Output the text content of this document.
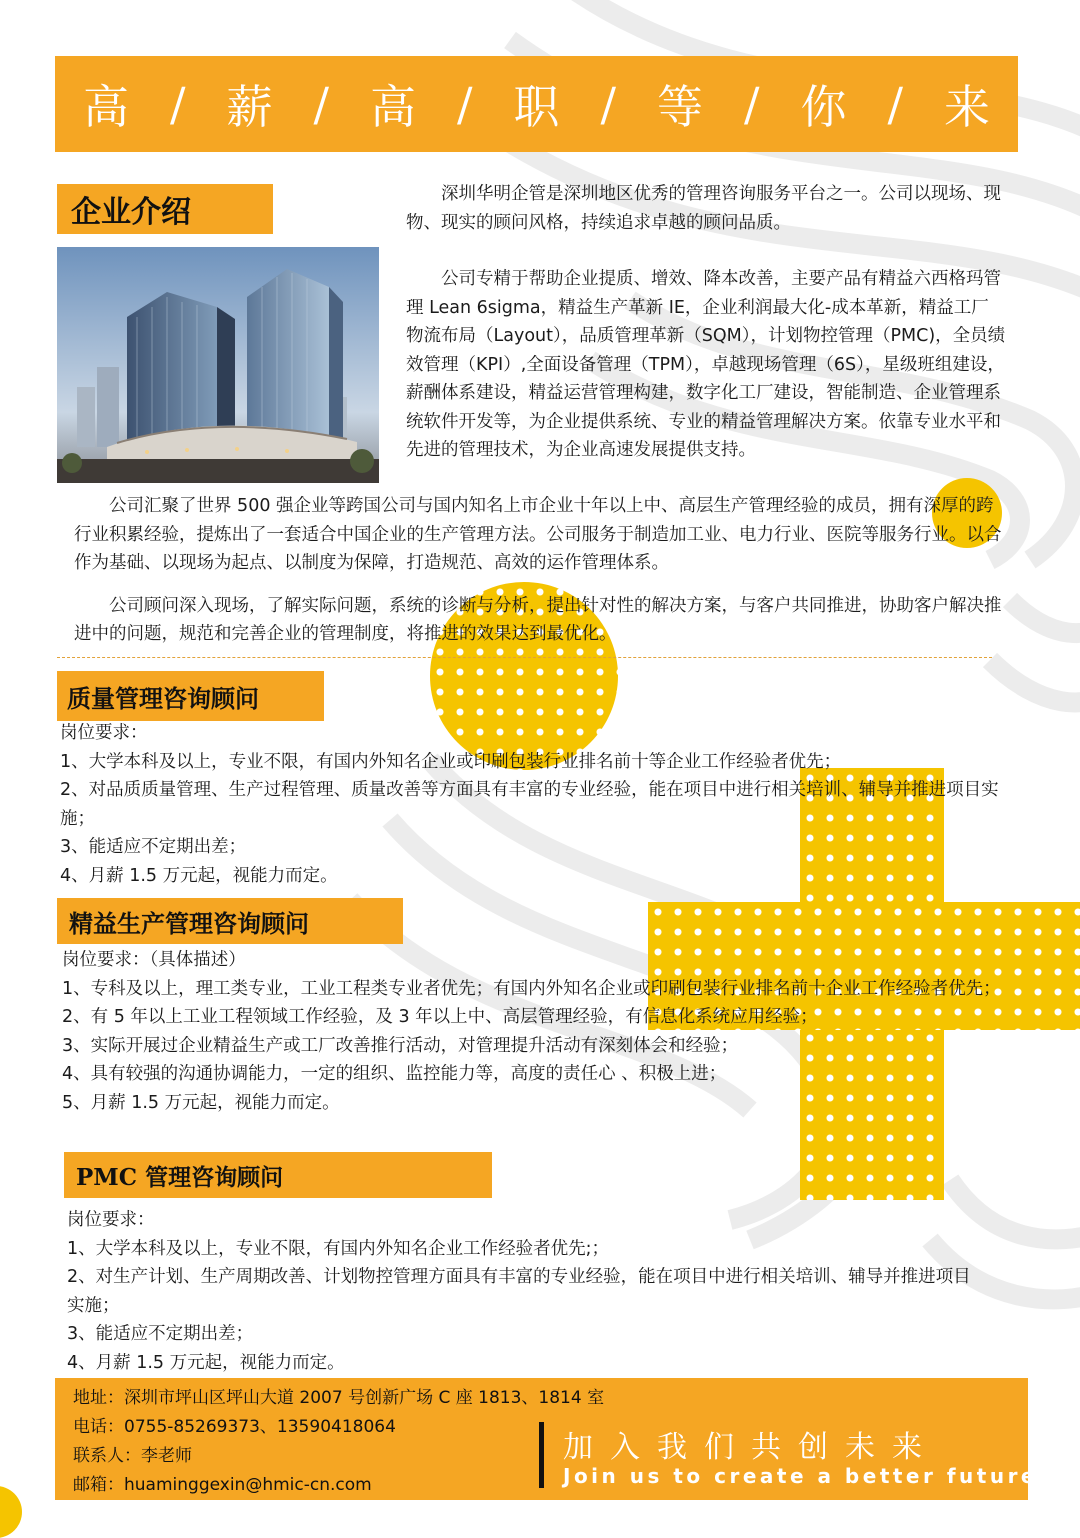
高 / 薪 / 高 / 职 / 等 / 你 / 来
企业介绍

深圳华明企管是深圳地区优秀的管理咨询服务平台之一。公司以现场、现物、现实的顾问风格，持续追求卓越的顾问品质。

公司专精于帮助企业提质、增效、降本改善，主要产品有精益六西格玛管理 Lean 6sigma，精益生产革新 IE，企业利润最大化-成本革新，精益工厂物流布局（Layout），品质管理革新（SQM），计划物控管理（PMC)，全员绩效管理（KPI）,全面设备管理（TPM），卓越现场管理（6S），星级班组建设，薪酬体系建设，精益运营管理构建，数字化工厂建设，智能制造、企业管理系统软件开发等，为企业提供系统、专业的精益管理解决方案。依靠专业水平和先进的管理技术，为企业高速发展提供支持。

公司汇聚了世界 500 强企业等跨国公司与国内知名上市企业十年以上中、高层生产管理经验的成员，拥有深厚的跨行业积累经验，提炼出了一套适合中国企业的生产管理方法。公司服务于制造加工业、电力行业、医院等服务行业。以合作为基础、以现场为起点、以制度为保障，打造规范、高效的运作管理体系。

公司顾问深入现场，了解实际问题，系统的诊断与分析，提出针对性的解决方案，与客户共同推进，协助客户解决推进中的问题，规范和完善企业的管理制度，将推进的效果达到最优化。

质量管理咨询顾问

岗位要求：

1、大学本科及以上，专业不限，有国内外知名企业或印刷包装行业排名前十等企业工作经验者优先；

2、对品质质量管理、生产过程管理、质量改善等方面具有丰富的专业经验，能在项目中进行相关培训、辅导并推进项目实施；

3、能适应不定期出差；

4、月薪 1.5 万元起，视能力而定。

精益生产管理咨询顾问

岗位要求：（具体描述）

1、专科及以上，理工类专业，工业工程类专业者优先；有国内外知名企业或印刷包装行业排名前十企业工作经验者优先；

2、有 5 年以上工业工程领域工作经验，及 3 年以上中、高层管理经验，有信息化系统应用经验；

3、实际开展过企业精益生产或工厂改善推行活动，对管理提升活动有深刻体会和经验；

4、具有较强的沟通协调能力，一定的组织、监控能力等，高度的责任心 、积极上进；

5、月薪 1.5 万元起，视能力而定。

PMC 管理咨询顾问

岗位要求：

1、大学本科及以上，专业不限，有国内外知名企业工作经验者优先;；

2、对生产计划、生产周期改善、计划物控管理方面具有丰富的专业经验，能在项目中进行相关培训、辅导并推进项目实施；

3、能适应不定期出差；

4、月薪 1.5 万元起，视能力而定。

地址：深圳市坪山区坪山大道 2007 号创新广场 C 座 1813、1814 室
电话：0755-85269373、13590418064
联系人：李老师
邮箱：huaminggexin@hmic-cn.com
加入我们共创未来
Join us to create a better future
